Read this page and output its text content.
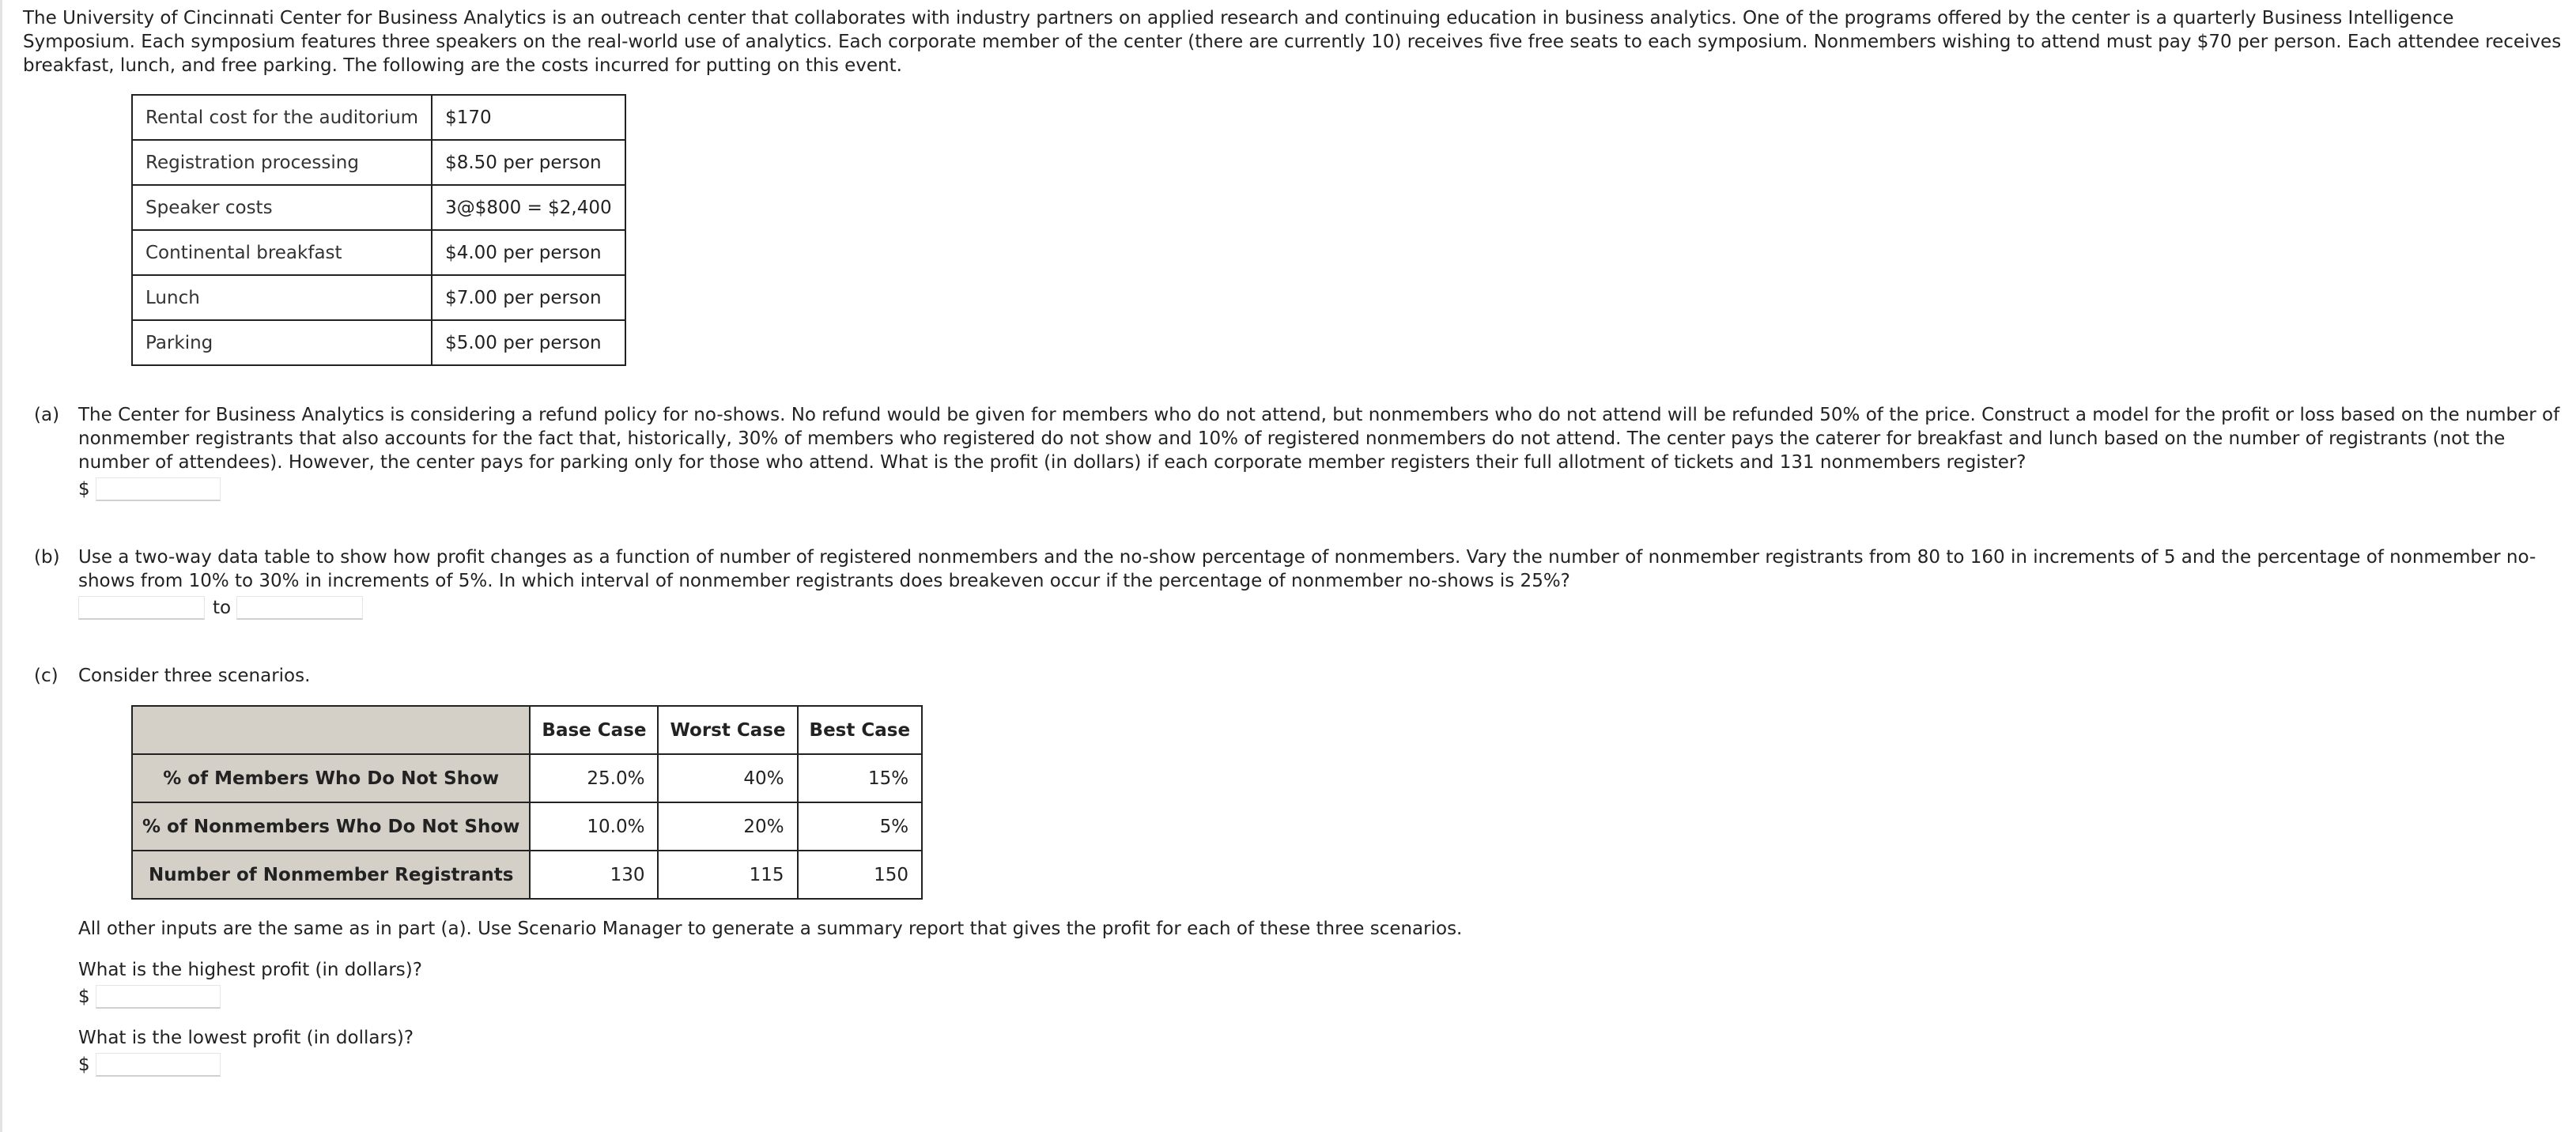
The University of Cincinnati Center for Business Analytics is an outreach center that collaborates with industry partners on applied research and continuing education in business analytics. One of the programs offered by the center is a quarterly Business Intelligence Symposium. Each symposium features three speakers on the real-world use of analytics. Each corporate member of the center (there are currently 10) receives five free seats to each symposium. Nonmembers wishing to attend must pay $70 per person. Each attendee receives breakfast, lunch, and free parking. The following are the costs incurred for putting on this event.

Rental cost for the auditorium	$170
Registration processing	$8.50 per person
Speaker costs	3@$800 = $2,400
Continental breakfast	$4.00 per person
Lunch	$7.00 per person
Parking	$5.00 per person
(a)	The Center for Business Analytics is considering a refund policy for no-shows. No refund would be given for members who do not attend, but nonmembers who do not attend will be refunded 50% of the price. Construct a model for the profit or loss based on the number of nonmember registrants that also accounts for the fact that, historically, 30% of members who registered do not show and 10% of registered nonmembers do not attend. The center pays the caterer for breakfast and lunch based on the number of registrants (not the number of attendees). However, the center pays for parking only for those who attend. What is the profit (in dollars) if each corporate member registers their full allotment of tickets and 131 nonmembers register?

$
(b)	Use a two-way data table to show how profit changes as a function of number of registered nonmembers and the no-show percentage of nonmembers. Vary the number of nonmember registrants from 80 to 160 in increments of 5 and the percentage of nonmember no-shows from 10% to 30% in increments of 5%. In which interval of nonmember registrants does breakeven occur if the percentage of nonmember no-shows is 25%?

to
(c)	Consider three scenarios.

	Base Case	Worst Case	Best Case
% of Members Who Do Not Show	25.0%	40%	15%
% of Nonmembers Who Do Not Show	10.0%	20%	5%
Number of Nonmember Registrants	130	115	150

All other inputs are the same as in part (a). Use Scenario Manager to generate a summary report that gives the profit for each of these three scenarios.

What is the highest profit (in dollars)?

$

What is the lowest profit (in dollars)?

$
